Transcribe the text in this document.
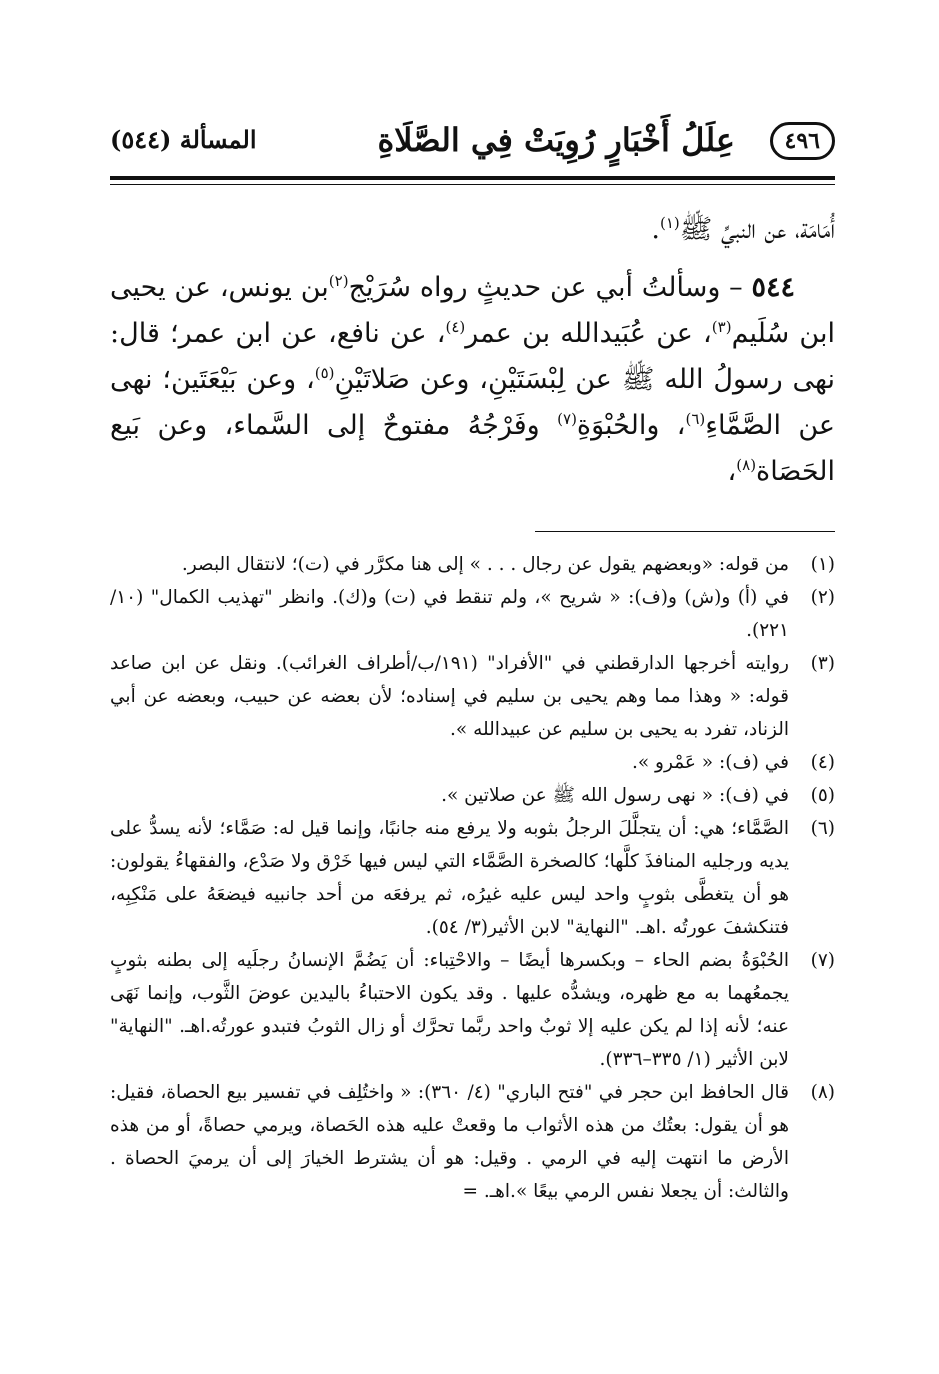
٤٩٦
عِلَلُ أَخْبَارٍ رُوِيَتْ فِي الصَّلَاةِ
المسألة (٥٤٤)

أُمَامَة، عن النبيِّ ﷺ$^{(١)}$.

٥٤٤ – وسألتُ أبي عن حديثٍ رواه سُرَيْج$^{(٢)}$بن يونس، عن يحيى ابن سُلَيم$^{(٣)}$، عن عُبَيدالله بن عمر$^{(٤)}$، عن نافع، عن ابن عمر؛ قال: نهى رسولُ الله ﷺ عن لِبْسَتَيْنِ، وعن صَلاتَيْنِ$^{(٥)}$، وعن بَيْعَتَين؛ نهى عن الصَّمَّاءِ$^{(٦)}$، والحُبْوَةِ$^{(٧)}$ وفَرْجُهُ مفتوحٌ إلى السَّماء، وعن بَيع الحَصَاة$^{(٨)}$،

(١)
من قوله: «وبعضهم يقول عن رجال . . . » إلى هنا مكرَّر في (ت)؛ لانتقال البصر.
(٢)
في (أ) و(ش) و(ف): « شريح »، ولم تنقط في (ت) و(ك). وانظر "تهذيب الكمال" (١٠/ ٢٢١).
(٣)
روايته أخرجها الدارقطني في "الأفراد" (١٩١/ب/أطراف الغرائب). ونقل عن ابن صاعد قوله: « وهذا مما وهم يحيى بن سليم في إسناده؛ لأن بعضه عن حبيب، وبعضه عن أبي الزناد، تفرد به يحيى بن سليم عن عبيدالله ».
(٤)
في (ف): « عَمْرو ».
(٥)
في (ف): « نهى رسول الله ﷺ عن صلاتين ».
(٦)
الصَّمَّاء؛ هي: أن يتجلَّلَ الرجلُ بثوبه ولا يرفع منه جانبًا، وإنما قيل له: صَمَّاء؛ لأنه يسدُّ على يديه ورجليه المنافذَ كلَّها؛ كالصخرة الصَّمَّاء التي ليس فيها خَرْق ولا صَدْع، والفقهاءُ يقولون: هو أن يتغطَّى بثوبٍ واحد ليس عليه غيرُه، ثم يرفعَه من أحد جانبيه فيضعَهُ على مَنْكِبِه، فتنكشفَ عورتُه .اهـ. "النهاية" لابن الأثير(٣/ ٥٤).
(٧)
الحُبْوَةُ بضم الحاء – وبكسرها أيضًا – والاحْتِباء: أن يَضُمَّ الإنسانُ رجلَيه إلى بطنه بثوبٍ يجمعُهما به مع ظهره، ويشدُّه عليها . وقد يكون الاحتباءُ باليدين عوضَ الثَّوب، وإنما نَهَى عنه؛ لأنه إذا لم يكن عليه إلا ثوبٌ واحد ربَّما تحرَّك أو زال الثوبُ فتبدو عورتُه.اهـ. "النهاية" لابن الأثير (١/ ٣٣٥–٣٣٦).
(٨)
قال الحافظ ابن حجر في "فتح الباري" (٤/ ٣٦٠): « واختُلِف في تفسير بيع الحصاة، فقيل: هو أن يقول: بعتُك من هذه الأثواب ما وقعتْ عليه هذه الحَصاة، ويرمي حصاةً، أو من هذه الأرض ما انتهت إليه في الرمي . وقيل: هو أن يشترط الخيارَ إلى أن يرميَ الحصاة . والثالث: أن يجعلا نفس الرمي بيعًا ».اهـ. =
